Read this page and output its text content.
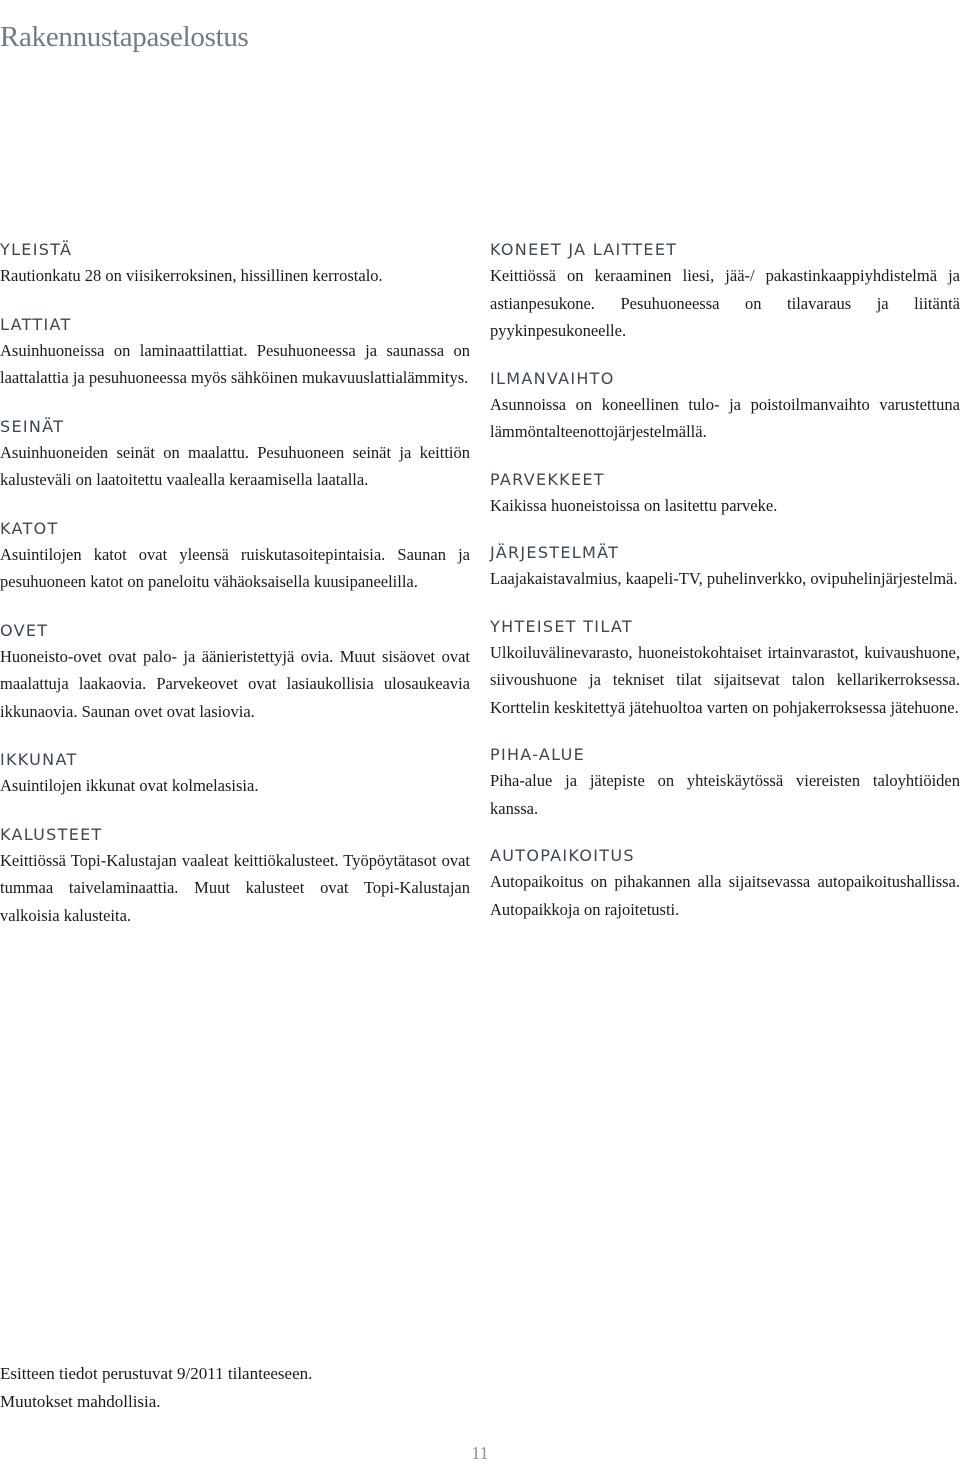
Rakennustapaselostus
YLEISTÄ

Rautionkatu 28 on viisikerroksinen, hissillinen kerrostalo.

LATTIAT

Asuinhuoneissa on laminaattilattiat. Pesuhuoneessa ja saunassa on laattalattia ja pesuhuoneessa myös sähköinen mukavuuslattialämmitys.

SEINÄT

Asuinhuoneiden seinät on maalattu. Pesuhuoneen seinät ja keittiön kalusteväli on laatoitettu vaalealla keraamisella laatalla.

KATOT

Asuintilojen katot ovat yleensä ruiskutasoitepintaisia. Saunan ja pesuhuoneen katot on paneloitu vähäoksaisella kuusipaneelilla.

OVET

Huoneisto-ovet ovat palo- ja äänieristettyjä ovia. Muut sisäovet ovat maalattuja laakaovia. Parvekeovet ovat lasiaukollisia ulosaukeavia ikkunaovia. Saunan ovet ovat lasiovia.

IKKUNAT

Asuintilojen ikkunat ovat kolmelasisia.

KALUSTEET

Keittiössä Topi-Kalustajan vaaleat keittiökalusteet. Työpöytätasot ovat tummaa taivelaminaattia. Muut kalusteet ovat Topi-Kalustajan valkoisia kalusteita.

KONEET JA LAITTEET

Keittiössä on keraaminen liesi, jää-/ pakastinkaappiyhdistelmä ja astianpesukone. Pesuhuoneessa on tilavaraus ja liitäntä pyykinpesukoneelle.

ILMANVAIHTO

Asunnoissa on koneellinen tulo- ja poistoilmanvaihto varustettuna lämmöntalteenottojärjestelmällä.

PARVEKKEET

Kaikissa huoneistoissa on lasitettu parveke.

JÄRJESTELMÄT

Laajakaistavalmius, kaapeli-TV, puhelinverkko, ovipuhelinjärjestelmä.

YHTEISET TILAT

Ulkoiluvälinevarasto, huoneistokohtaiset irtainvarastot, kuivaushuone, siivoushuone ja tekniset tilat sijaitsevat talon kellarikerroksessa. Korttelin keskitettyä jätehuoltoa varten on pohjakerroksessa jätehuone.

PIHA-ALUE

Piha-alue ja jätepiste on yhteiskäytössä viereisten taloyhtiöiden kanssa.

AUTOPAIKOITUS

Autopaikoitus on pihakannen alla sijaitsevassa autopaikoitushallissa. Autopaikkoja on rajoitetusti.

Esitteen tiedot perustuvat 9/2011 tilanteeseen.
Muutokset mahdollisia.
11
